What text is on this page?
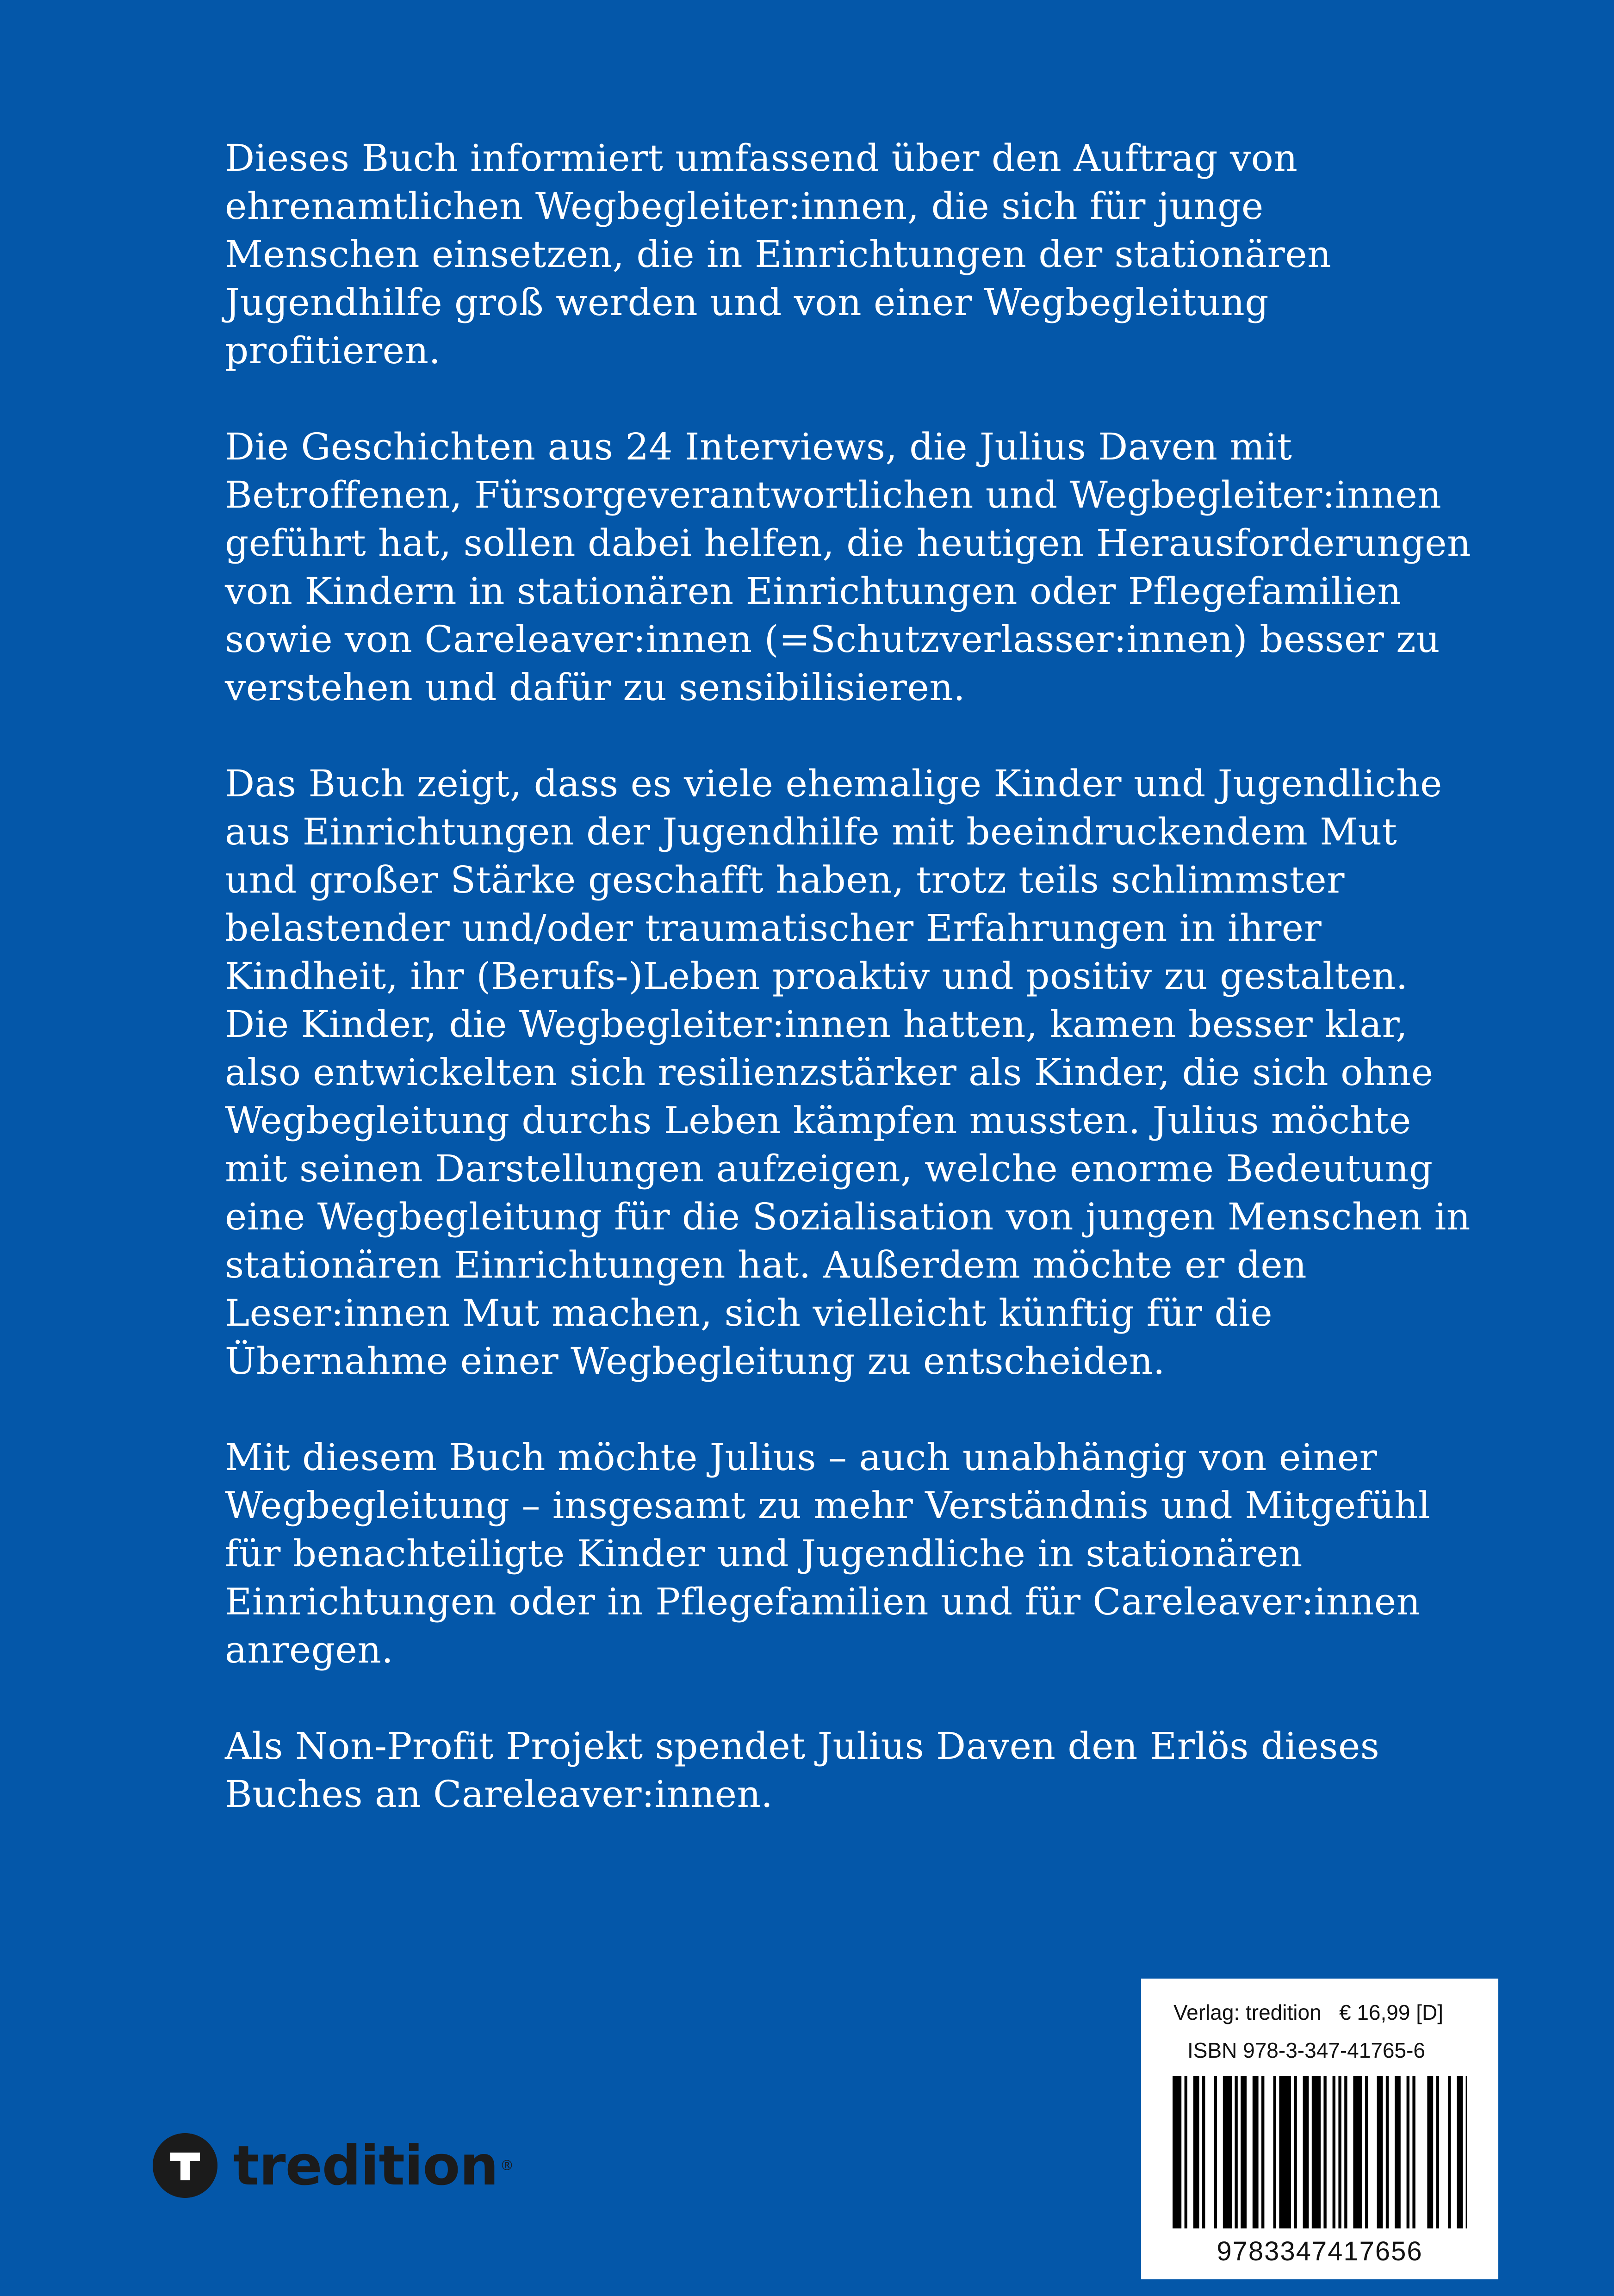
Dieses Buch informiert umfassend über den Auftrag von
ehrenamtlichen Wegbegleiter:innen, die sich für junge
Menschen einsetzen, die in Einrichtungen der stationären
Jugendhilfe groß werden und von einer Wegbegleitung
profitieren.

Die Geschichten aus 24 Interviews, die Julius Daven mit
Betroffenen, Fürsorgeverantwortlichen und Wegbegleiter:innen
geführt hat, sollen dabei helfen, die heutigen Herausforderungen
von Kindern in stationären Einrichtungen oder Pflegefamilien
sowie von Careleaver:innen (=Schutzverlasser:innen) besser zu
verstehen und dafür zu sensibilisieren.

Das Buch zeigt, dass es viele ehemalige Kinder und Jugendliche
aus Einrichtungen der Jugendhilfe mit beeindruckendem Mut
und großer Stärke geschafft haben, trotz teils schlimmster
belastender und/oder traumatischer Erfahrungen in ihrer
Kindheit, ihr (Berufs-)Leben proaktiv und positiv zu gestalten.
Die Kinder, die Wegbegleiter:innen hatten, kamen besser klar,
also entwickelten sich resilienzstärker als Kinder, die sich ohne
Wegbegleitung durchs Leben kämpfen mussten. Julius möchte
mit seinen Darstellungen aufzeigen, welche enorme Bedeutung
eine Wegbegleitung für die Sozialisation von jungen Menschen in
stationären Einrichtungen hat. Außerdem möchte er den
Leser:innen Mut machen, sich vielleicht künftig für die
Übernahme einer Wegbegleitung zu entscheiden.

Mit diesem Buch möchte Julius – auch unabhängig von einer
Wegbegleitung – insgesamt zu mehr Verständnis und Mitgefühl
für benachteiligte Kinder und Jugendliche in stationären
Einrichtungen oder in Pflegefamilien und für Careleaver:innen
anregen.

Als Non-Profit Projekt spendet Julius Daven den Erlös dieses
Buches an Careleaver:innen.

tredition ®
Verlag: tredition   € 16,99 [D]
ISBN 978-3-347-41765-6
9783347417656
